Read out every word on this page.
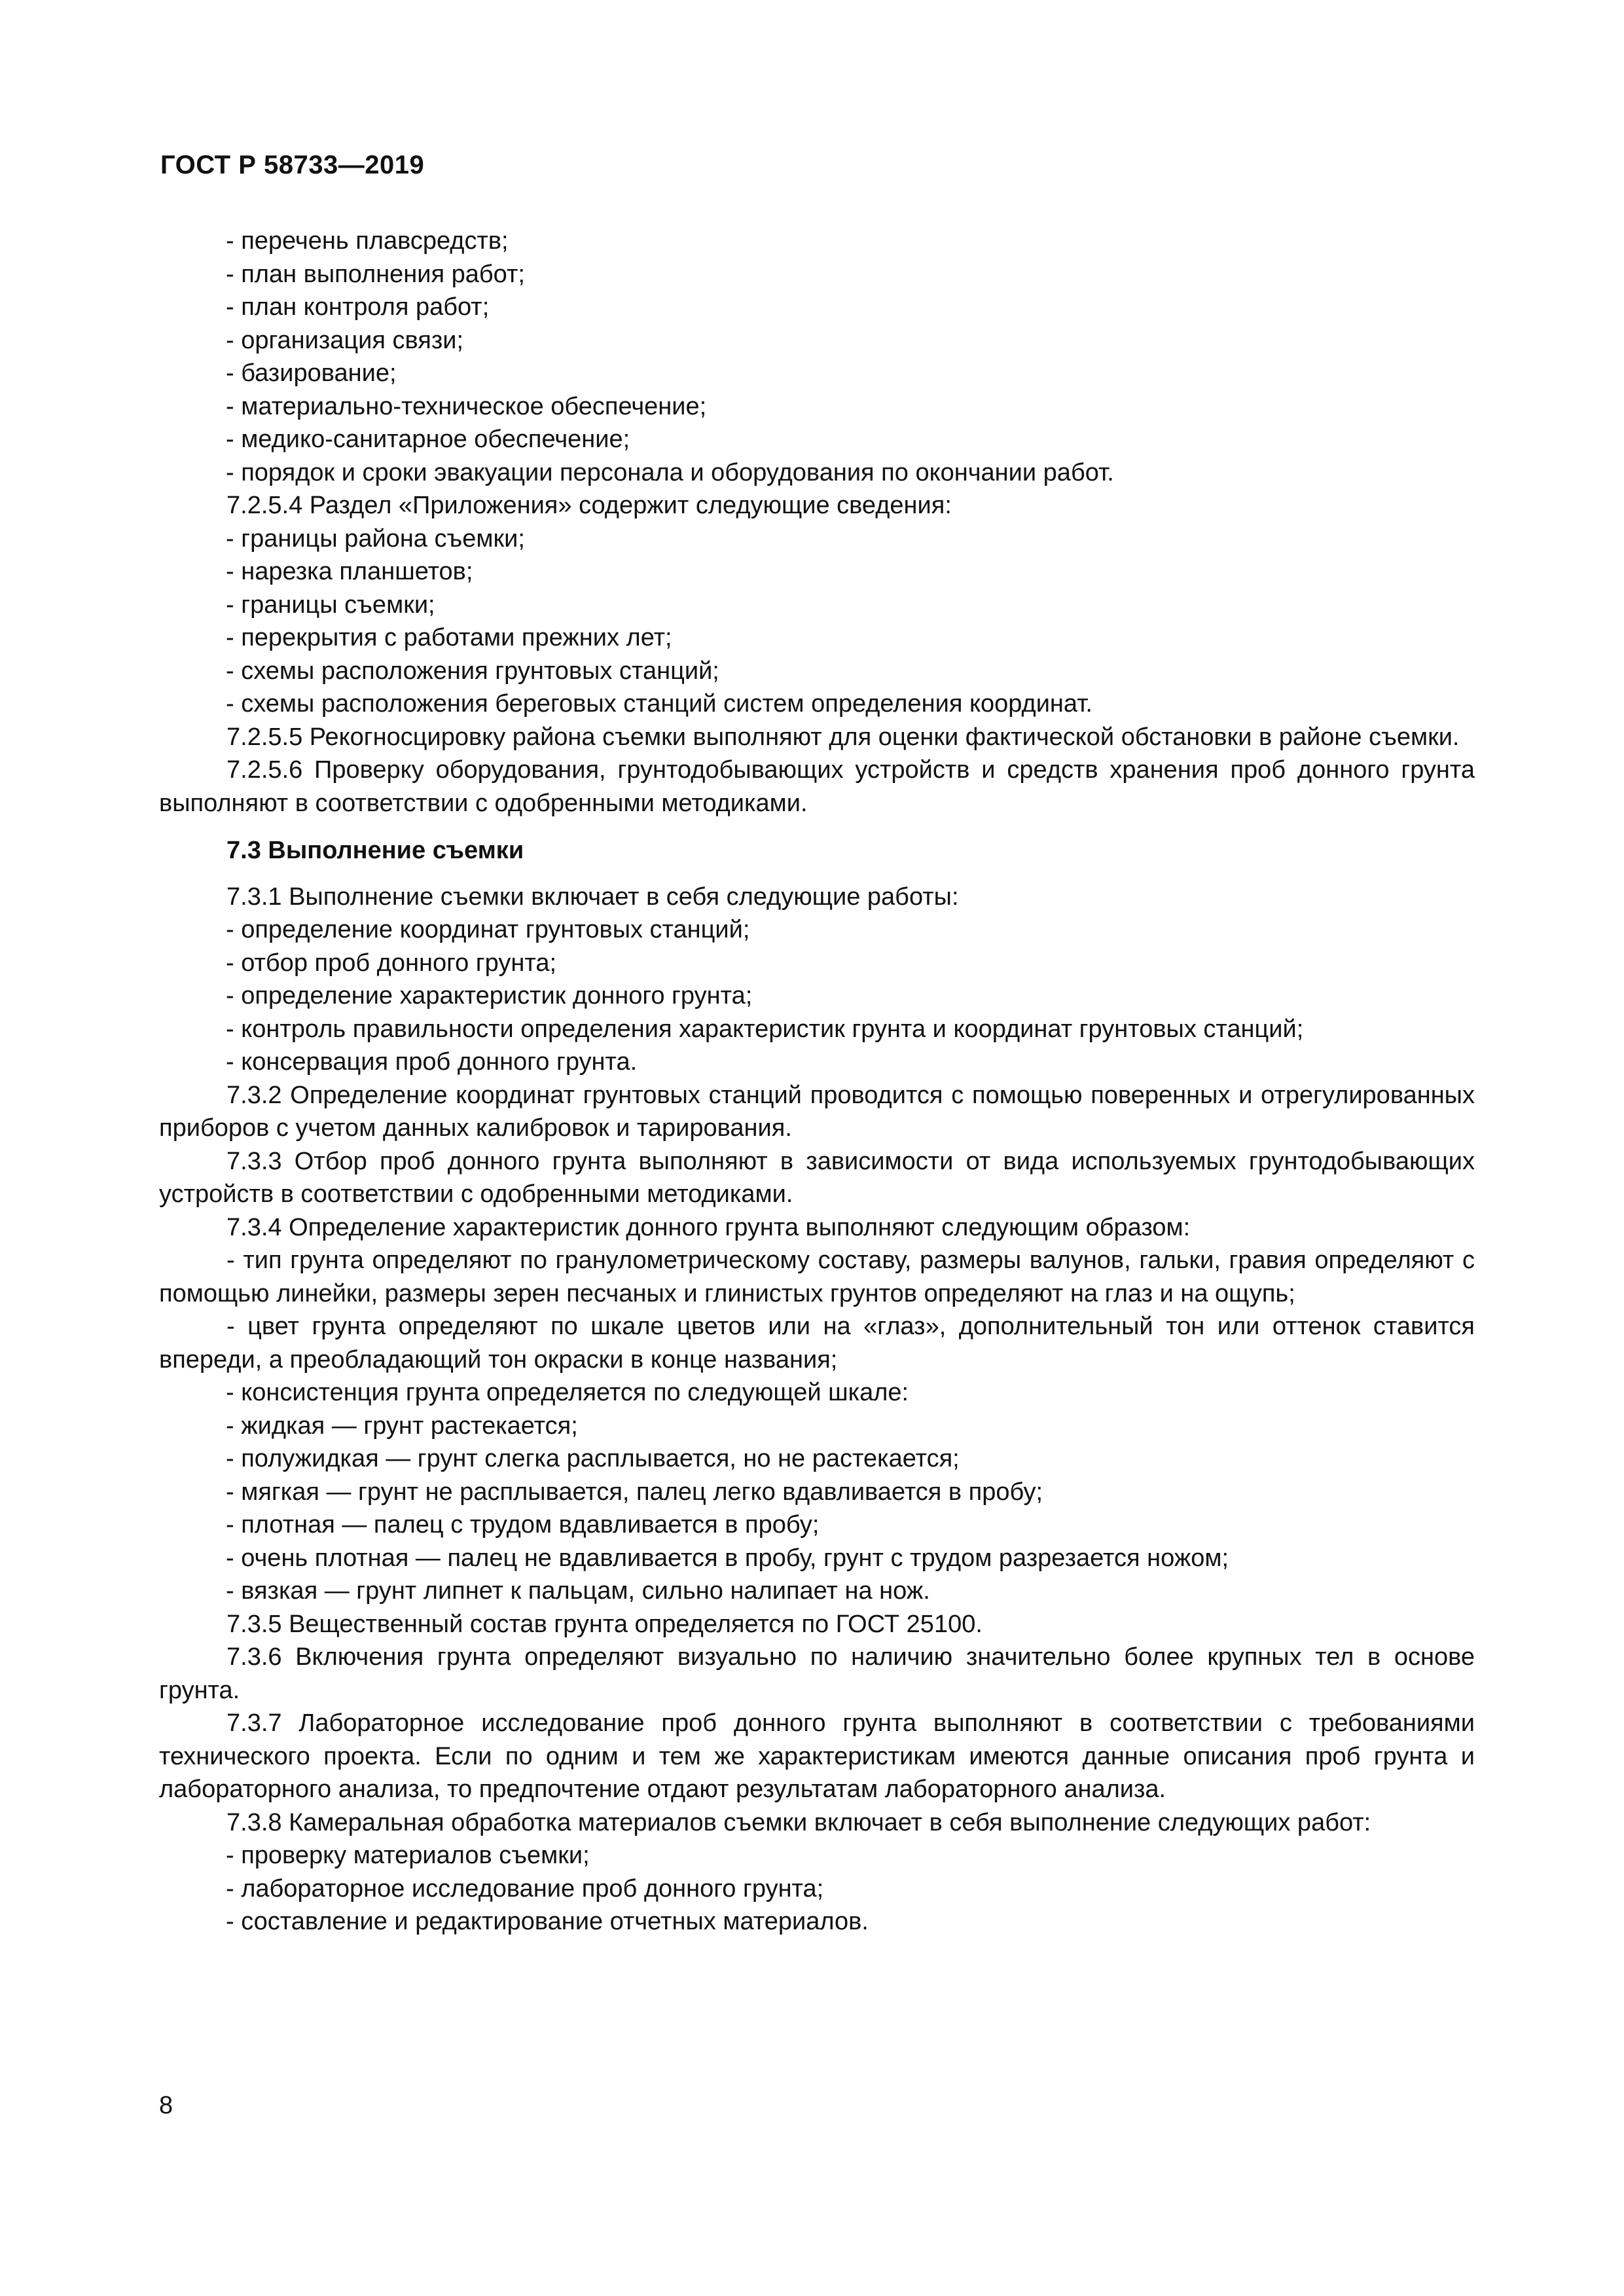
ГОСТ Р 58733—2019
- перечень плавсредств;
- план выполнения работ;
- план контроля работ;
- организация связи;
- базирование;
- материально-техническое обеспечение;
- медико-санитарное обеспечение;
- порядок и сроки эвакуации персонала и оборудования по окончании работ.

7.2.5.4 Раздел «Приложения» содержит следующие сведения:

- границы района съемки;
- нарезка планшетов;
- границы съемки;
- перекрытия с работами прежних лет;
- схемы расположения грунтовых станций;
- схемы расположения береговых станций систем определения координат.

7.2.5.5 Рекогносцировку района съемки выполняют для оценки фактической обстановки в районе съемки.

7.2.5.6 Проверку оборудования, грунтодобывающих устройств и средств хранения проб донного грунта выполняют в соответствии с одобренными методиками.

7.3 Выполнение съемки

7.3.1 Выполнение съемки включает в себя следующие работы:

- определение координат грунтовых станций;
- отбор проб донного грунта;
- определение характеристик донного грунта;
- контроль правильности определения характеристик грунта и координат грунтовых станций;
- консервация проб донного грунта.

7.3.2 Определение координат грунтовых станций проводится с помощью поверенных и отрегулированных приборов с учетом данных калибровок и тарирования.

7.3.3 Отбор проб донного грунта выполняют в зависимости от вида используемых грунтодобывающих устройств в соответствии с одобренными методиками.

7.3.4 Определение характеристик донного грунта выполняют следующим образом:

- тип грунта определяют по гранулометрическому составу, размеры валунов, гальки, гравия определяют с помощью линейки, размеры зерен песчаных и глинистых грунтов определяют на глаз и на ощупь;

- цвет грунта определяют по шкале цветов или на «глаз», дополнительный тон или оттенок ставится впереди, а преобладающий тон окраски в конце названия;

- консистенция грунта определяется по следующей шкале:
- жидкая — грунт растекается;
- полужидкая — грунт слегка расплывается, но не растекается;
- мягкая — грунт не расплывается, палец легко вдавливается в пробу;
- плотная — палец с трудом вдавливается в пробу;
- очень плотная — палец не вдавливается в пробу, грунт с трудом разрезается ножом;
- вязкая — грунт липнет к пальцам, сильно налипает на нож.

7.3.5 Вещественный состав грунта определяется по ГОСТ 25100.

7.3.6 Включения грунта определяют визуально по наличию значительно более крупных тел в основе грунта.

7.3.7 Лабораторное исследование проб донного грунта выполняют в соответствии с требованиями технического проекта. Если по одним и тем же характеристикам имеются данные описания проб грунта и лабораторного анализа, то предпочтение отдают результатам лабораторного анализа.

7.3.8 Камеральная обработка материалов съемки включает в себя выполнение следующих работ:

- проверку материалов съемки;
- лабораторное исследование проб донного грунта;
- составление и редактирование отчетных материалов.
8
